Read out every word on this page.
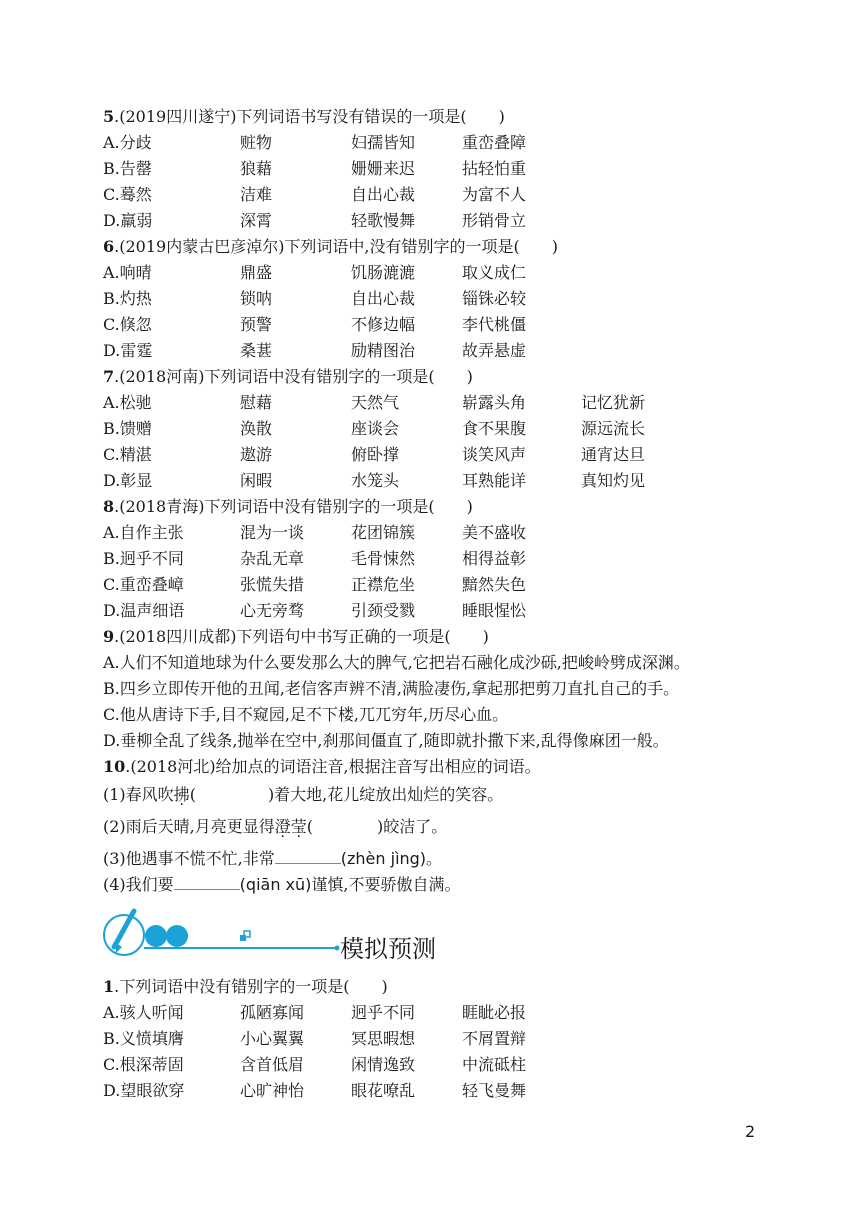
5.(2019四川遂宁)下列词语书写没有错误的一项是(　　)
A.分歧	赃物	妇孺皆知	重峦叠障
B.告罄	狼藉	姗姗来迟	拈轻怕重
C.蓦然	洁难	自出心裁	为富不人
D.羸弱	深霄	轻歌慢舞	形销骨立
6.(2019内蒙古巴彦淖尔)下列词语中,没有错别字的一项是(　　)
A.响晴	鼎盛	饥肠漉漉	取义成仁
B.灼热	锁呐	自出心裁	锱铢必较
C.倏忽	预警	不修边幅	李代桃僵
D.雷霆	桑葚	励精图治	故弄悬虚
7.(2018河南)下列词语中没有错别字的一项是(　　)
A.松驰	慰藉	天然气	崭露头角	记忆犹新
B.馈赠	涣散	座谈会	食不果腹	源远流长
C.精湛	遨游	俯卧撑	谈笑风声	通宵达旦
D.彰显	闲暇	水笼头	耳熟能详	真知灼见
8.(2018青海)下列词语中没有错别字的一项是(　　)
A.自作主张	混为一谈	花团锦簇	美不盛收
B.迥乎不同	杂乱无章	毛骨悚然	相得益彰
C.重峦叠嶂	张慌失措	正襟危坐	黯然失色
D.温声细语	心无旁骛	引颈受戮	睡眼惺忪
9.(2018四川成都)下列语句中书写正确的一项是(　　)
A.人们不知道地球为什么要发那么大的脾气,它把岩石融化成沙砾,把峻岭劈成深渊。
B.四乡立即传开他的丑闻,老信客声辨不清,满脸凄伤,拿起那把剪刀直扎自己的手。
C.他从唐诗下手,目不窥园,足不下楼,兀兀穷年,历尽心血。
D.垂柳全乱了线条,抛举在空中,刹那间僵直了,随即就扑撒下来,乱得像麻团一般。
10.(2018河北)给加点的词语注音,根据注音写出相应的词语。
(1)春风吹拂(	)着大地,花儿绽放出灿烂的笑容。
(2)雨后天晴,月亮更显得澄莹(	)皎洁了。
(3)他遇事不慌不忙,非常	(zhèn jìng)。
(4)我们要	(qiān xū)谨慎,不要骄傲自满。
模拟预测
1.下列词语中没有错别字的一项是(　　)
A.骇人听闻	孤陋寡闻	迥乎不同	睚眦必报
B.义愤填膺	小心翼翼	冥思暇想	不屑置辩
C.根深蒂固	含首低眉	闲情逸致	中流砥柱
D.望眼欲穿	心旷神怡	眼花嘹乱	轻飞曼舞
2
